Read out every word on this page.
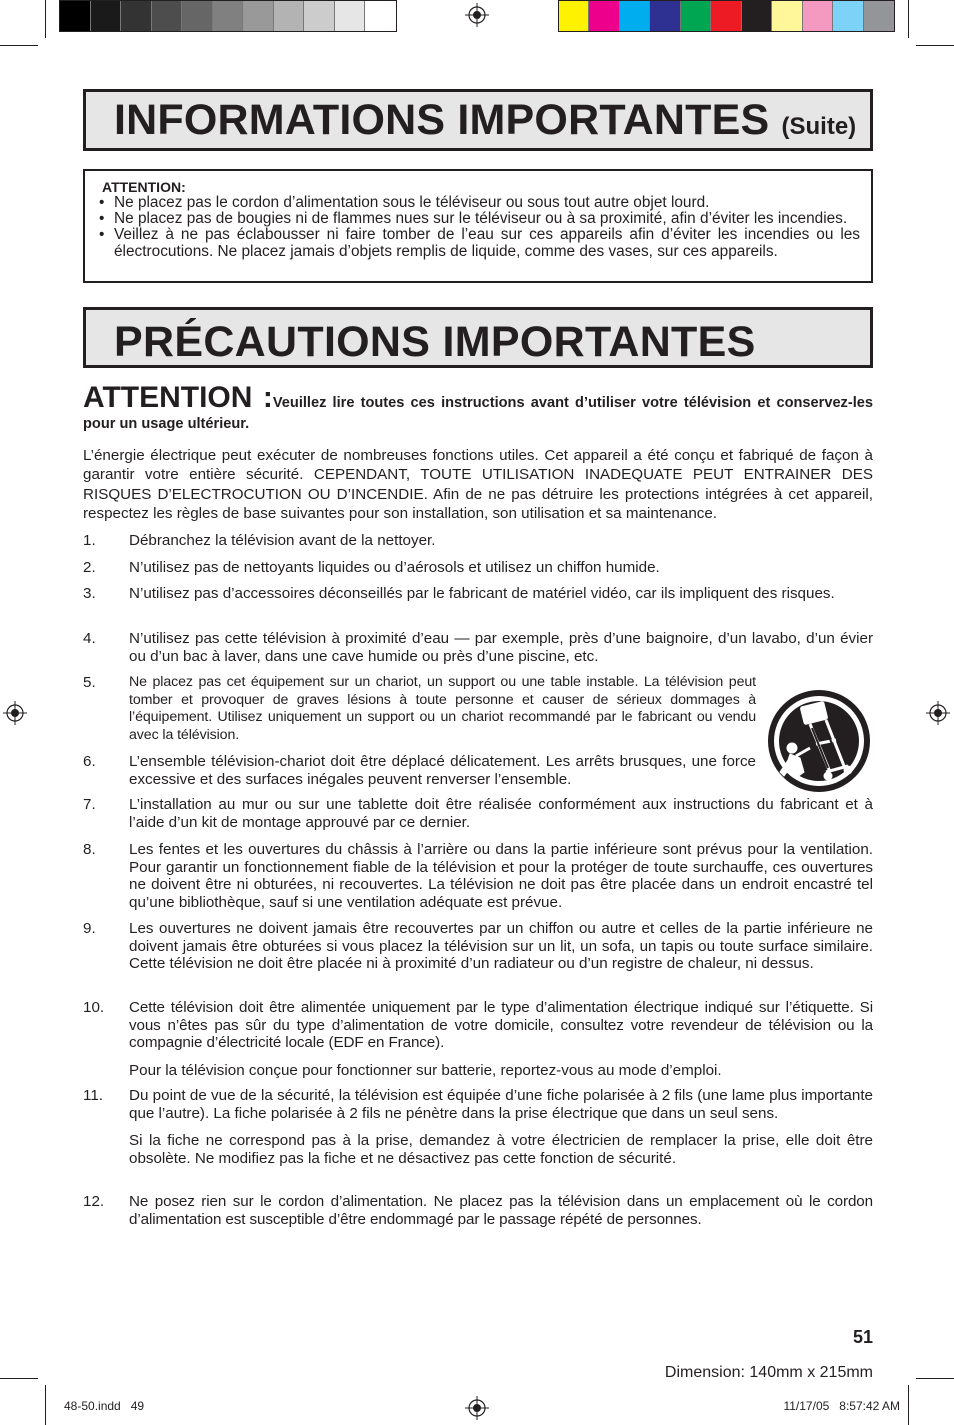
INFORMATIONS IMPORTANTES (Suite)
ATTENTION:
• Ne placez pas le cordon d’alimentation sous le téléviseur ou sous tout autre objet lourd.
• Ne placez pas de bougies ni de flammes nues sur le téléviseur ou à sa proximité, afin d’éviter les incendies.
• Veillez à ne pas éclabousser ni faire tomber de l’eau sur ces appareils afin d’éviter les incendies ou les électrocutions. Ne placez jamais d’objets remplis de liquide, comme des vases, sur ces appareils.
PRÉCAUTIONS IMPORTANTES
ATTENTION :Veuillez lire toutes ces instructions avant d’utiliser votre télévision et conservez-les pour un usage ultérieur.
L’énergie électrique peut exécuter de nombreuses fonctions utiles. Cet appareil a été conçu et fabriqué de façon à garantir votre entière sécurité. CEPENDANT, TOUTE UTILISATION INADEQUATE PEUT ENTRAINER DES RISQUES D’ELECTROCUTION OU D’INCENDIE. Afin de ne pas détruire les protections intégrées à cet appareil, respectez les règles de base suivantes pour son installation, son utilisation et sa maintenance.
1. Débranchez la télévision avant de la nettoyer.
2. N’utilisez pas de nettoyants liquides ou d’aérosols et utilisez un chiffon humide.
3. N’utilisez pas d’accessoires déconseillés par le fabricant de matériel vidéo, car ils impliquent des risques.
4. N’utilisez pas cette télévision à proximité d’eau — par exemple, près d’une baignoire, d’un lavabo, d’un évier ou d’un bac à laver, dans une cave humide ou près d’une piscine, etc.
5. Ne placez pas cet équipement sur un chariot, un support ou une table instable. La télévision peut tomber et provoquer de graves lésions à toute personne et causer de sérieux dommages à l’équipement. Utilisez uniquement un support ou un chariot recommandé par le fabricant ou vendu avec la télévision.
6. L’ensemble télévision-chariot doit être déplacé délicatement. Les arrêts brusques, une force excessive et des surfaces inégales peuvent renverser l’ensemble.
7. L’installation au mur ou sur une tablette doit être réalisée conformément aux instructions du fabricant et à l’aide d’un kit de montage approuvé par ce dernier.
8. Les fentes et les ouvertures du châssis à l’arrière ou dans la partie inférieure sont prévus pour la ventilation. Pour garantir un fonctionnement fiable de la télévision et pour la protéger de toute surchauffe, ces ouvertures ne doivent être ni obturées, ni recouvertes. La télévision ne doit pas être placée dans un endroit encastré tel qu’une bibliothèque, sauf si une ventilation adéquate est prévue.
9. Les ouvertures ne doivent jamais être recouvertes par un chiffon ou autre et celles de la partie inférieure ne doivent jamais être obturées si vous placez la télévision sur un lit, un sofa, un tapis ou toute surface similaire. Cette télévision ne doit être placée ni à proximité d’un radiateur ou d’un registre de chaleur, ni dessus.
10. Cette télévision doit être alimentée uniquement par le type d’alimentation électrique indiqué sur l’étiquette. Si vous n’êtes pas sûr du type d’alimentation de votre domicile, consultez votre revendeur de télévision ou la compagnie d’électricité locale (EDF en France).
Pour la télévision conçue pour fonctionner sur batterie, reportez-vous au mode d’emploi.
11. Du point de vue de la sécurité, la télévision est équipée d’une fiche polarisée à 2 fils (une lame plus importante que l’autre). La fiche polarisée à 2 fils ne pénètre dans la prise électrique que dans un seul sens.
Si la fiche ne correspond pas à la prise, demandez à votre électricien de remplacer la prise, elle doit être obsolète. Ne modifiez pas la fiche et ne désactivez pas cette fonction de sécurité.
12. Ne posez rien sur le cordon d’alimentation. Ne placez pas la télévision dans un emplacement où le cordon d’alimentation est susceptible d’être endommagé par le passage répété de personnes.
51
Dimension: 140mm x 215mm
48-50.indd   49	11/17/05   8:57:42 AM
